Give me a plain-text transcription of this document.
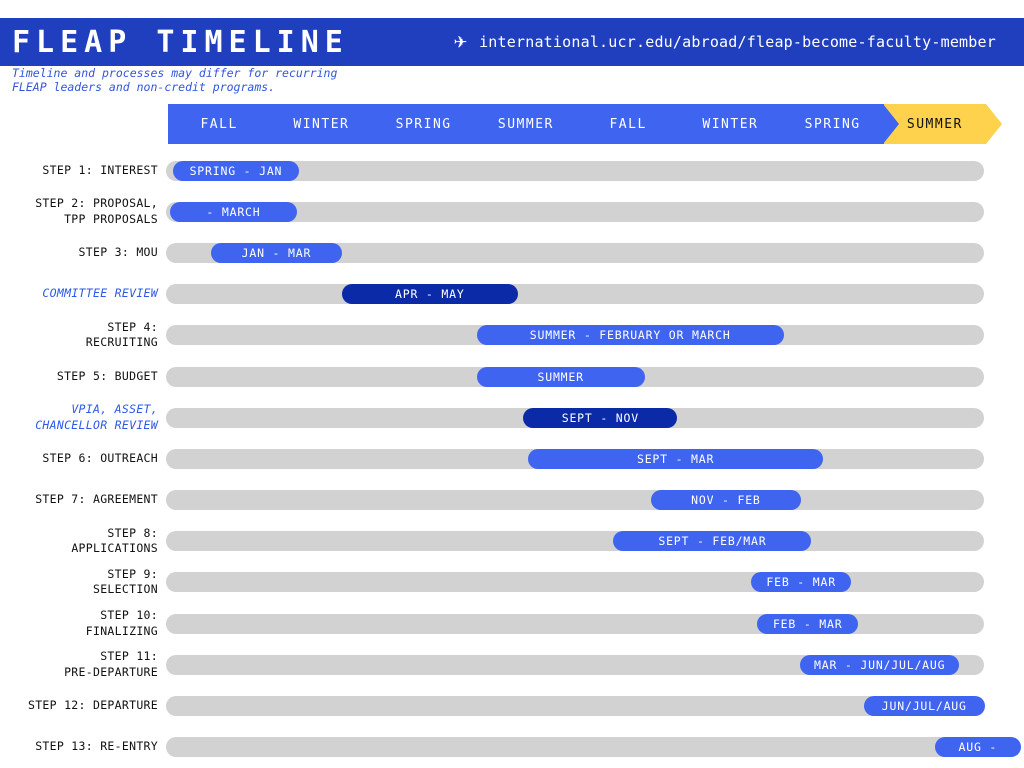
FLEAP TIMELINE	✈ international.ucr.edu/abroad/fleap-become-faculty-member
Timeline and processes may differ for recurring
FLEAP leaders and non-credit programs.
FALL	WINTER	SPRING	SUMMER	FALL	WINTER	SPRING	SUMMER
STEP 1: INTEREST	SPRING - JAN
STEP 2: PROPOSAL,
TPP PROPOSALS	- MARCH
STEP 3: MOU	JAN - MAR
COMMITTEE REVIEW	APR - MAY
STEP 4:
RECRUITING	SUMMER - FEBRUARY OR MARCH
STEP 5: BUDGET	SUMMER
VPIA, ASSET,
CHANCELLOR REVIEW	SEPT - NOV
STEP 6: OUTREACH	SEPT - MAR
STEP 7: AGREEMENT	NOV - FEB
STEP 8:
APPLICATIONS	SEPT - FEB/MAR
STEP 9:
SELECTION	FEB - MAR
STEP 10:
FINALIZING	FEB - MAR
STEP 11:
PRE-DEPARTURE	MAR - JUN/JUL/AUG
STEP 12: DEPARTURE	JUN/JUL/AUG
STEP 13: RE-ENTRY	AUG -
